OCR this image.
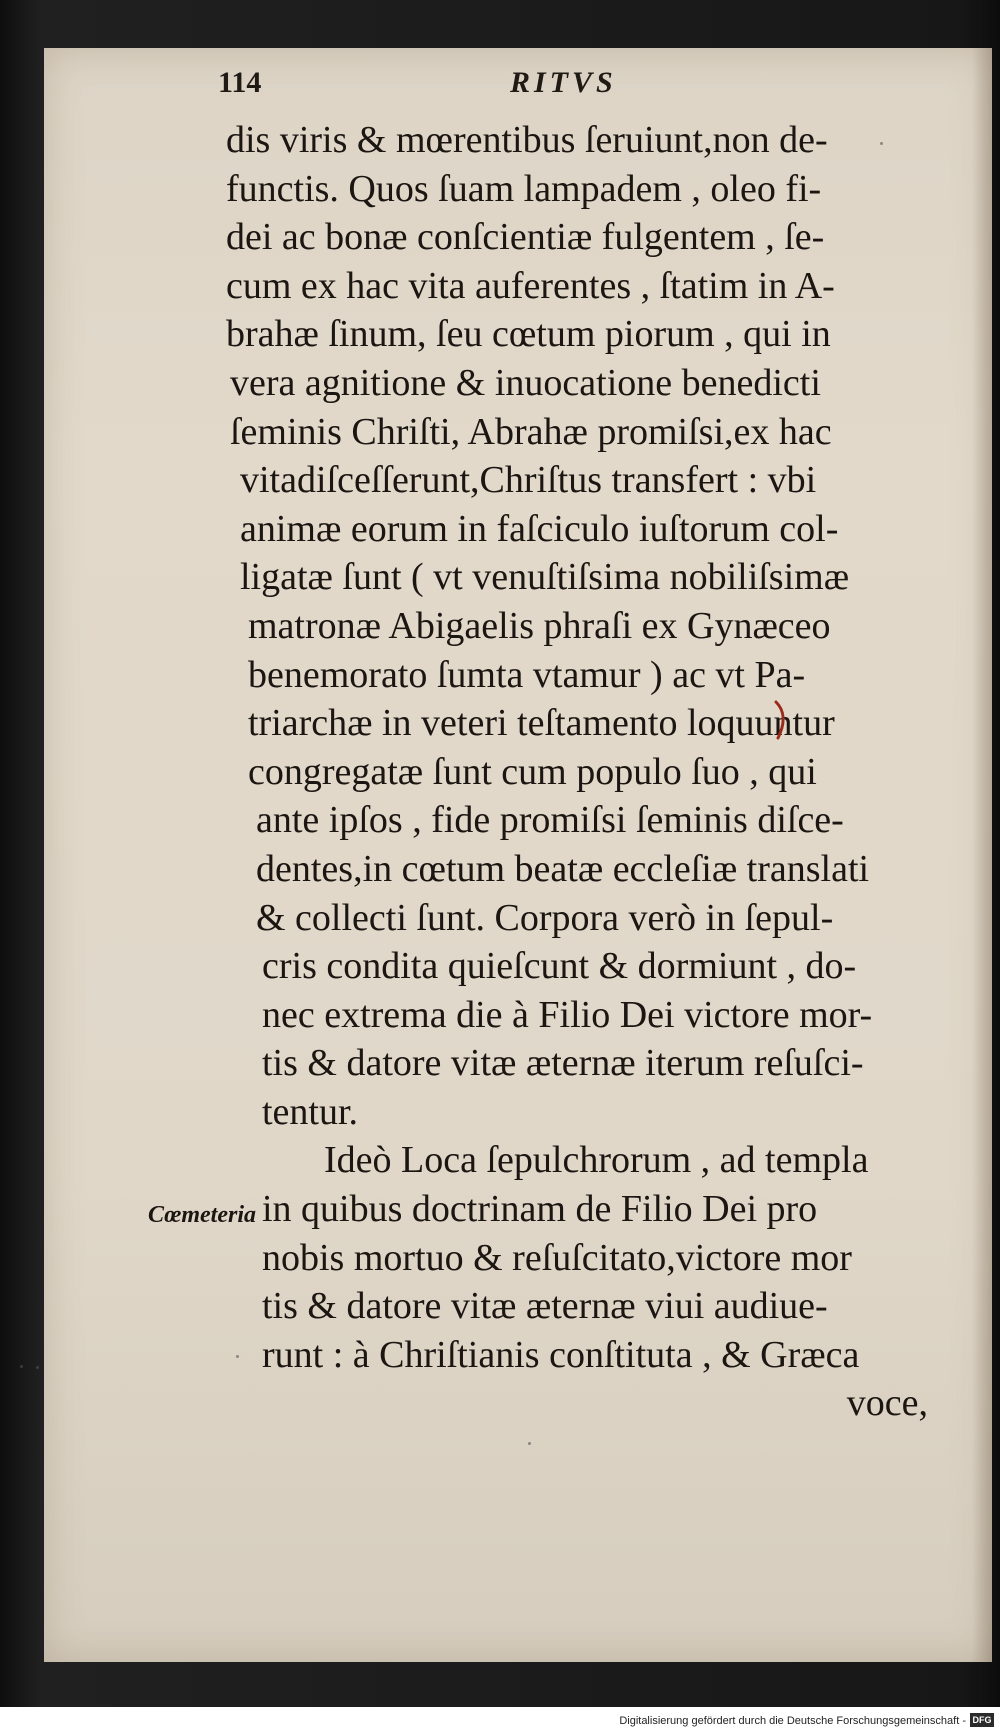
114	RITVS
dis viris & mœrentibus ſeruiunt,non de-
functis. Quos ſuam lampadem , oleo fi-
dei ac bonæ conſcientiæ fulgentem , ſe-
cum ex hac vita auferentes , ſtatim in A-
brahæ ſinum, ſeu cœtum piorum , qui in
vera agnitione & inuocatione benedicti
ſeminis Chriſti, Abrahæ promiſsi,ex hac
vitadiſceſſerunt,Chriſtus transfert : vbi
animæ eorum in faſciculo iuſtorum col-
ligatæ ſunt ( vt venuſtiſsima nobiliſsimæ
matronæ Abigaelis phraſi ex Gynæceo
benemorato ſumta vtamur ) ac vt Pa-
triarchæ in veteri teſtamento loquuntur
congregatæ ſunt cum populo ſuo , qui
ante ipſos , fide promiſsi ſeminis diſce-
dentes,in cœtum beatæ eccleſiæ translati
& collecti ſunt. Corpora verò in ſepul-
cris condita quieſcunt & dormiunt , do-
nec extrema die à Filio Dei victore mor-
tis & datore vitæ æternæ iterum reſuſci-
tentur.
Ideò Loca ſepulchrorum , ad templa
in quibus doctrinam de Filio Dei pro
nobis mortuo & reſuſcitato,victore mor
tis & datore vitæ æternæ viui audiue-
runt : à Chriſtianis conſtituta , & Græca
voce,
Cœmeteria
Digitalisierung gefördert durch die Deutsche Forschungsgemeinschaft - DFG
